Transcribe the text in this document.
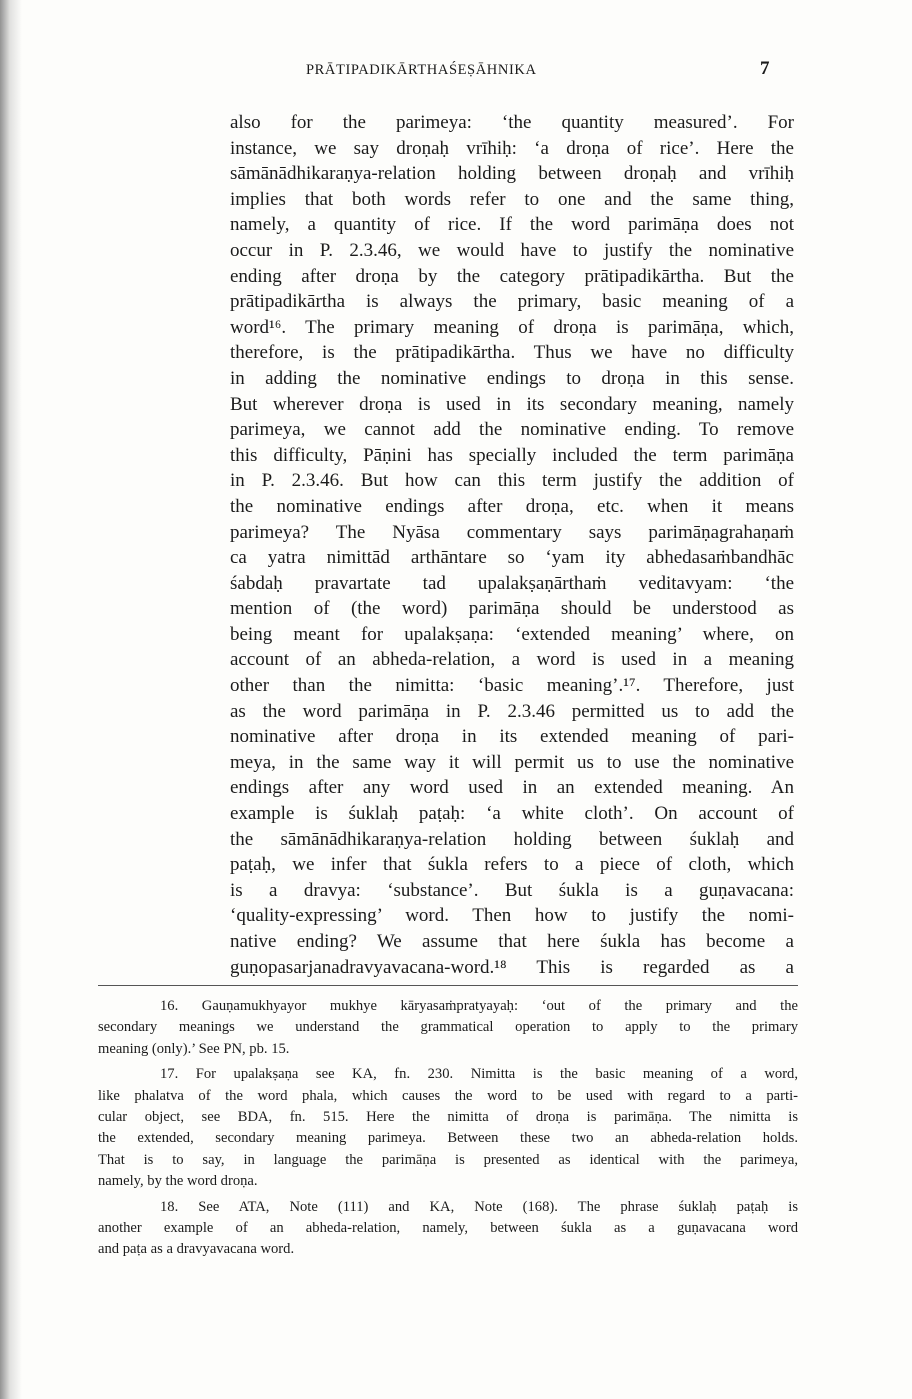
PRĀTIPADIKĀRTHAŚEṢĀHNIKA	7
also for the parimeya: ‘the quantity measured’. For
instance, we say droṇaḥ vrīhiḥ: ‘a droṇa of rice’. Here the
sāmānādhikaraṇya-relation holding between droṇaḥ and vrīhiḥ
implies that both words refer to one and the same thing,
namely, a quantity of rice. If the word parimāṇa does not
occur in P. 2.3.46, we would have to justify the nominative
ending after droṇa by the category prātipadikārtha. But the
prātipadikārtha is always the primary, basic meaning of a
word¹⁶. The primary meaning of droṇa is parimāṇa, which,
therefore, is the prātipadikārtha. Thus we have no difficulty
in adding the nominative endings to droṇa in this sense.
But wherever droṇa is used in its secondary meaning, namely
parimeya, we cannot add the nominative ending. To remove
this difficulty, Pāṇini has specially included the term parimāṇa
in P. 2.3.46. But how can this term justify the addition of
the nominative endings after droṇa, etc. when it means
parimeya? The Nyāsa commentary says parimāṇagrahaṇaṁ
ca yatra nimittād arthāntare so ‘yam ity abhedasaṁbandhāc
śabdaḥ pravartate tad upalakṣaṇārthaṁ veditavyam: ‘the
mention of (the word) parimāṇa should be understood as
being meant for upalakṣaṇa: ‘extended meaning’ where, on
account of an abheda-relation, a word is used in a meaning
other than the nimitta: ‘basic meaning’.¹⁷. Therefore, just
as the word parimāṇa in P. 2.3.46 permitted us to add the
nominative after droṇa in its extended meaning of pari-
meya, in the same way it will permit us to use the nominative
endings after any word used in an extended meaning. An
example is śuklaḥ paṭaḥ: ‘a white cloth’. On account of
the sāmānādhikaraṇya-relation holding between śuklaḥ and
paṭaḥ, we infer that śukla refers to a piece of cloth, which
is a dravya: ‘substance’. But śukla is a guṇavacana:
‘quality-expressing’ word. Then how to justify the nomi-
native ending? We assume that here śukla has become a
guṇopasarjanadravyavacana-word.¹⁸ This is regarded as a
16. Gauṇamukhyayor mukhye kāryasaṁpratyayaḥ: ‘out of the primary and the
secondary meanings we understand the grammatical operation to apply to the primary
meaning (only).’ See PN, pb. 15.
17. For upalakṣaṇa see KA, fn. 230. Nimitta is the basic meaning of a word,
like phalatva of the word phala, which causes the word to be used with regard to a parti-
cular object, see BDA, fn. 515. Here the nimitta of droṇa is parimāṇa. The nimitta is
the extended, secondary meaning parimeya. Between these two an abheda-relation holds.
That is to say, in language the parimāṇa is presented as identical with the parimeya,
namely, by the word droṇa.
18. See ATA, Note (111) and KA, Note (168). The phrase śuklaḥ paṭaḥ is
another example of an abheda-relation, namely, between śukla as a guṇavacana word
and paṭa as a dravyavacana word.
